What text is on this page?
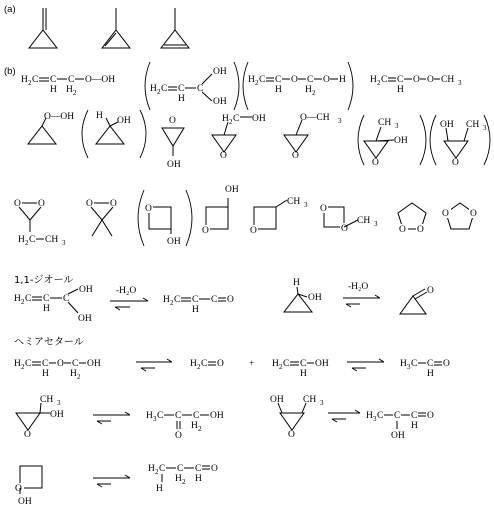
(a)
(b)
H 2 C C
H
C
H 2
O—OH
H 2 C C
H
C
OH
OH
H 2 C C
H
O C
H 2
O H	H 2 C C
H
O O CH 3
O—OH H OH	O
OH
O
H 2 C OH
O
O—CH 3
O
CH 3
OH
O
OH CH 3
O O
H 2 C CH 3
O O	O
OH
O
OH
O
CH 3 O
O
CH 3
O O
O O
1,1-ジオール
H 2 C C
H
C
OH
OH
-H₂O
H 2 C C
H
C O
H
OH
-H₂O	O
ヘミアセタール
H 2 C C
H
O C
H 2
OH	H 2 C O	+ H 2 C C
H
OH	H 3 C C
H
O
O
CH 3
OH	H 3 C C
O
C
H 2
OH
O
OH CH 3
H 3 C C
OH
C
H
O
O
OH
H 2 C
H
C
H 2
C
H
O
